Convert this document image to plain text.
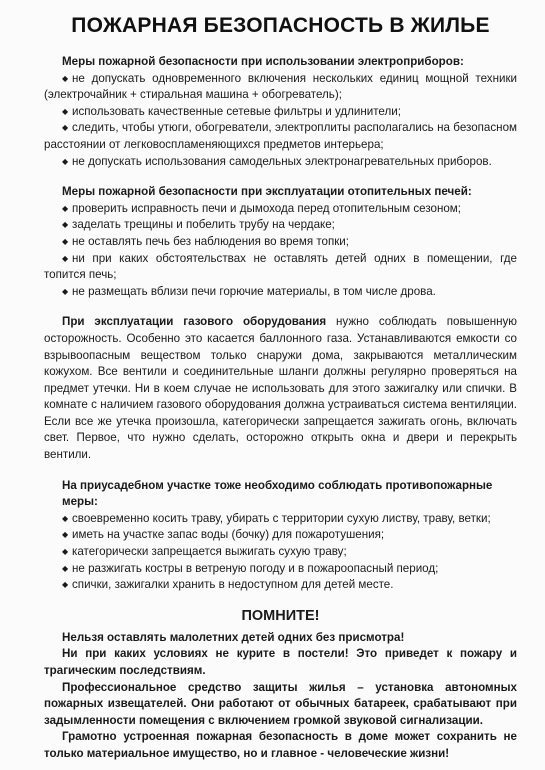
ПОЖАРНАЯ БЕЗОПАСНОСТЬ В ЖИЛЬЕ

Меры пожарной безопасности при использовании электроприборов:

◆ не допускать одновременного включения нескольких единиц мощной техники (электрочайник + стиральная машина + обогреватель);
◆ использовать качественные сетевые фильтры и удлинители;
◆ следить, чтобы утюги, обогреватели, электроплиты располагались на безопасном расстоянии от легковоспламеняющихся предметов интерьера;
◆ не допускать использования самодельных электронагревательных приборов.

Меры пожарной безопасности при эксплуатации отопительных печей:

◆ проверить исправность печи и дымохода перед отопительным сезоном;
◆ заделать трещины и побелить трубу на чердаке;
◆ не оставлять печь без наблюдения во время топки;
◆ ни при каких обстоятельствах не оставлять детей одних в помещении, где топится печь;
◆ не размещать вблизи печи горючие материалы, в том числе дрова.

При эксплуатации газового оборудования нужно соблюдать повышенную осторожность. Особенно это касается баллонного газа. Устанавливаются емкости со взрывоопасным веществом только снаружи дома, закрываются металлическим кожухом. Все вентили и соединительные шланги должны регулярно проверяться на предмет утечки. Ни в коем случае не использовать для этого зажигалку или спички. В комнате с наличием газового оборудования должна устраиваться система вентиляции. Если все же утечка произошла, категорически запрещается зажигать огонь, включать свет. Первое, что нужно сделать, осторожно открыть окна и двери и перекрыть вентили.

На приусадебном участке тоже необходимо соблюдать противопожарные меры:

◆ своевременно косить траву, убирать с территории сухую листву, траву, ветки;
◆ иметь на участке запас воды (бочку) для пожаротушения;
◆ категорически запрещается выжигать сухую траву;
◆ не разжигать костры в ветреную погоду и в пожароопасный период;
◆ спички, зажигалки хранить в недоступном для детей месте.
ПОМНИТЕ!

Нельзя оставлять малолетних детей одних без присмотра!

Ни при каких условиях не курите в постели! Это приведет к пожару и трагическим последствиям.

Профессиональное средство защиты жилья – установка автономных пожарных извещателей. Они работают от обычных батареек, срабатывают при задымленности помещения с включением громкой звуковой сигнализации.

Грамотно устроенная пожарная безопасность в доме может сохранить не только материальное имущество, но и главное - человеческие жизни!
